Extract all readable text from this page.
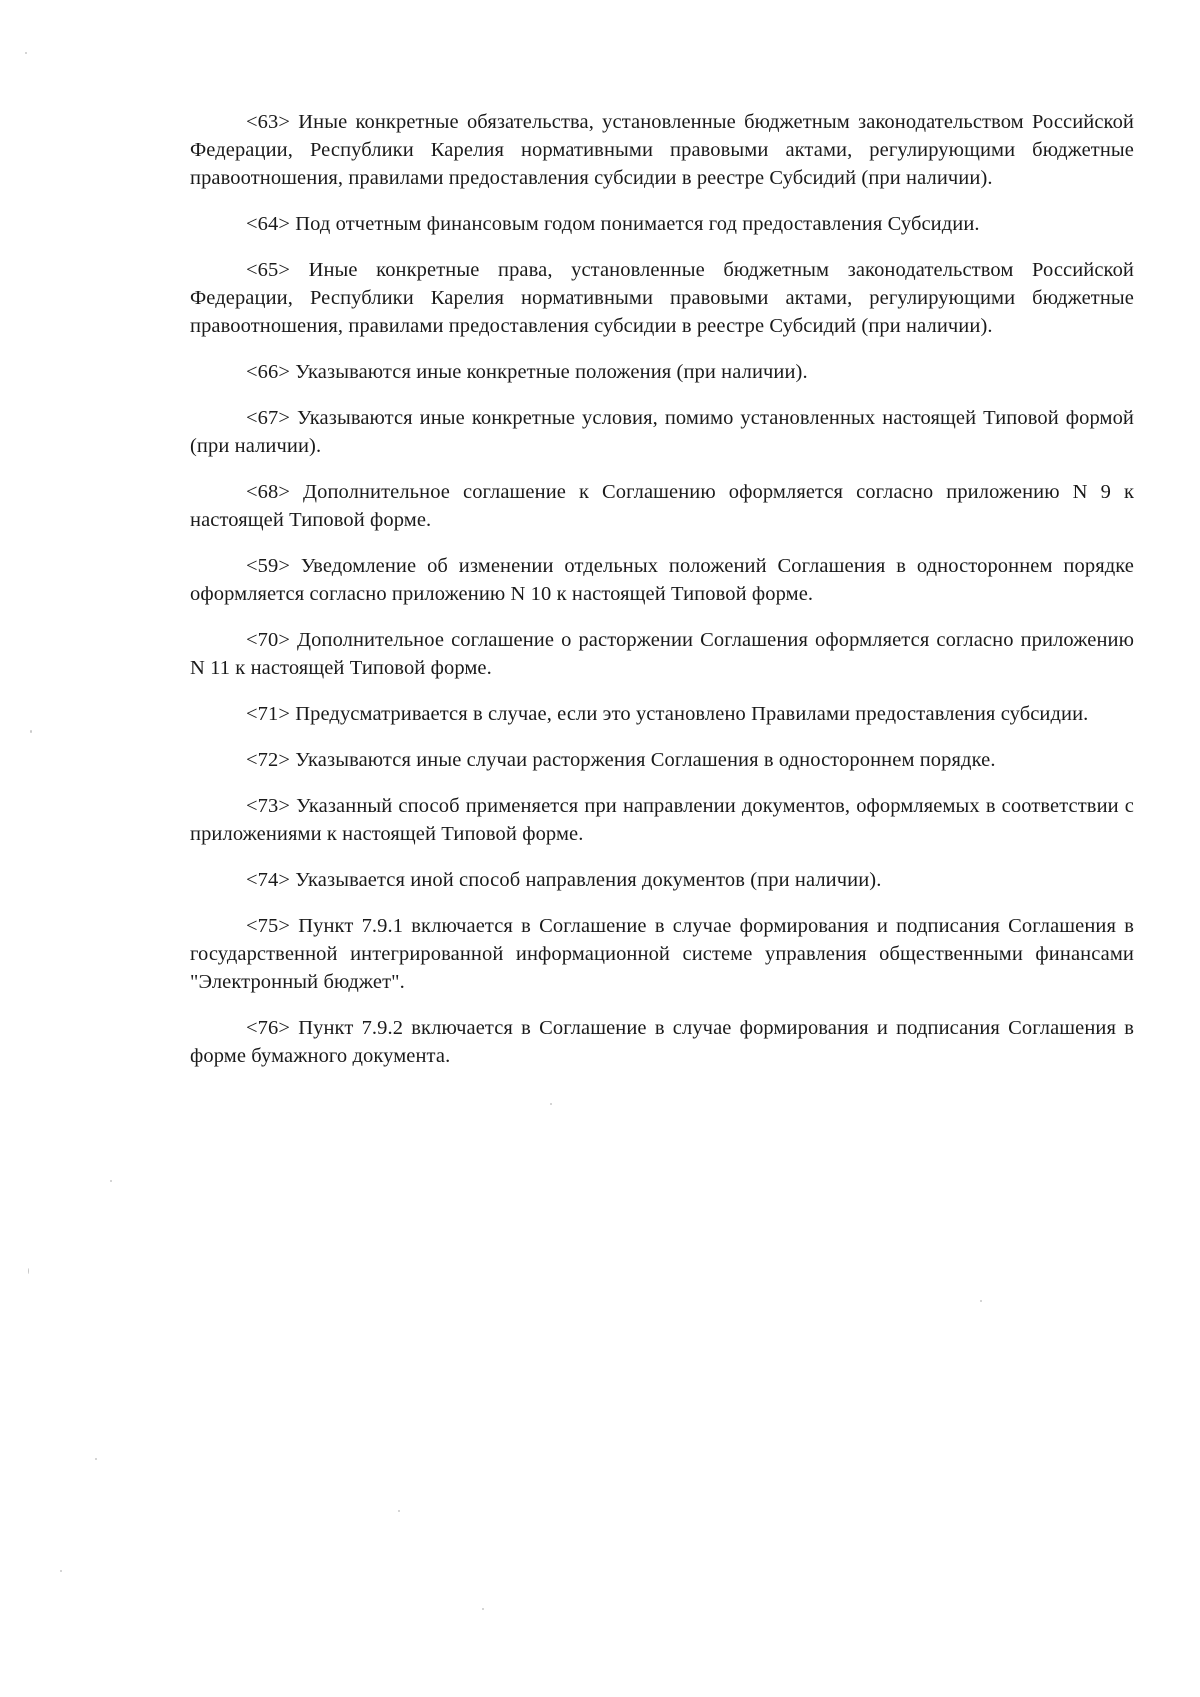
<63> Иные конкретные обязательства, установленные бюджетным законодательством Российской Федерации, Республики Карелия нормативными правовыми актами, регулирующими бюджетные правоотношения, правилами предоставления субсидии в реестре Субсидий (при наличии).

<64> Под отчетным финансовым годом понимается год предоставления Субсидии.

<65> Иные конкретные права, установленные бюджетным законодательством Российской Федерации, Республики Карелия нормативными правовыми актами, регулирующими бюджетные правоотношения, правилами предоставления субсидии в реестре Субсидий (при наличии).

<66> Указываются иные конкретные положения (при наличии).

<67> Указываются иные конкретные условия, помимо установленных настоящей Типовой формой (при наличии).

<68> Дополнительное соглашение к Соглашению оформляется согласно приложению N 9 к настоящей Типовой форме.

<59> Уведомление об изменении отдельных положений Соглашения в одностороннем порядке оформляется согласно приложению N 10 к настоящей Типовой форме.

<70> Дополнительное соглашение о расторжении Соглашения оформляется согласно приложению N 11 к настоящей Типовой форме.

<71> Предусматривается в случае, если это установлено Правилами предоставления субсидии.

<72> Указываются иные случаи расторжения Соглашения в одностороннем порядке.

<73> Указанный способ применяется при направлении документов, оформляемых в соответствии с приложениями к настоящей Типовой форме.

<74> Указывается иной способ направления документов (при наличии).

<75> Пункт 7.9.1 включается в Соглашение в случае формирования и подписания Соглашения в государственной интегрированной информационной системе управления общественными финансами "Электронный бюджет".

<76> Пункт 7.9.2 включается в Соглашение в случае формирования и подписания Соглашения в форме бумажного документа.
